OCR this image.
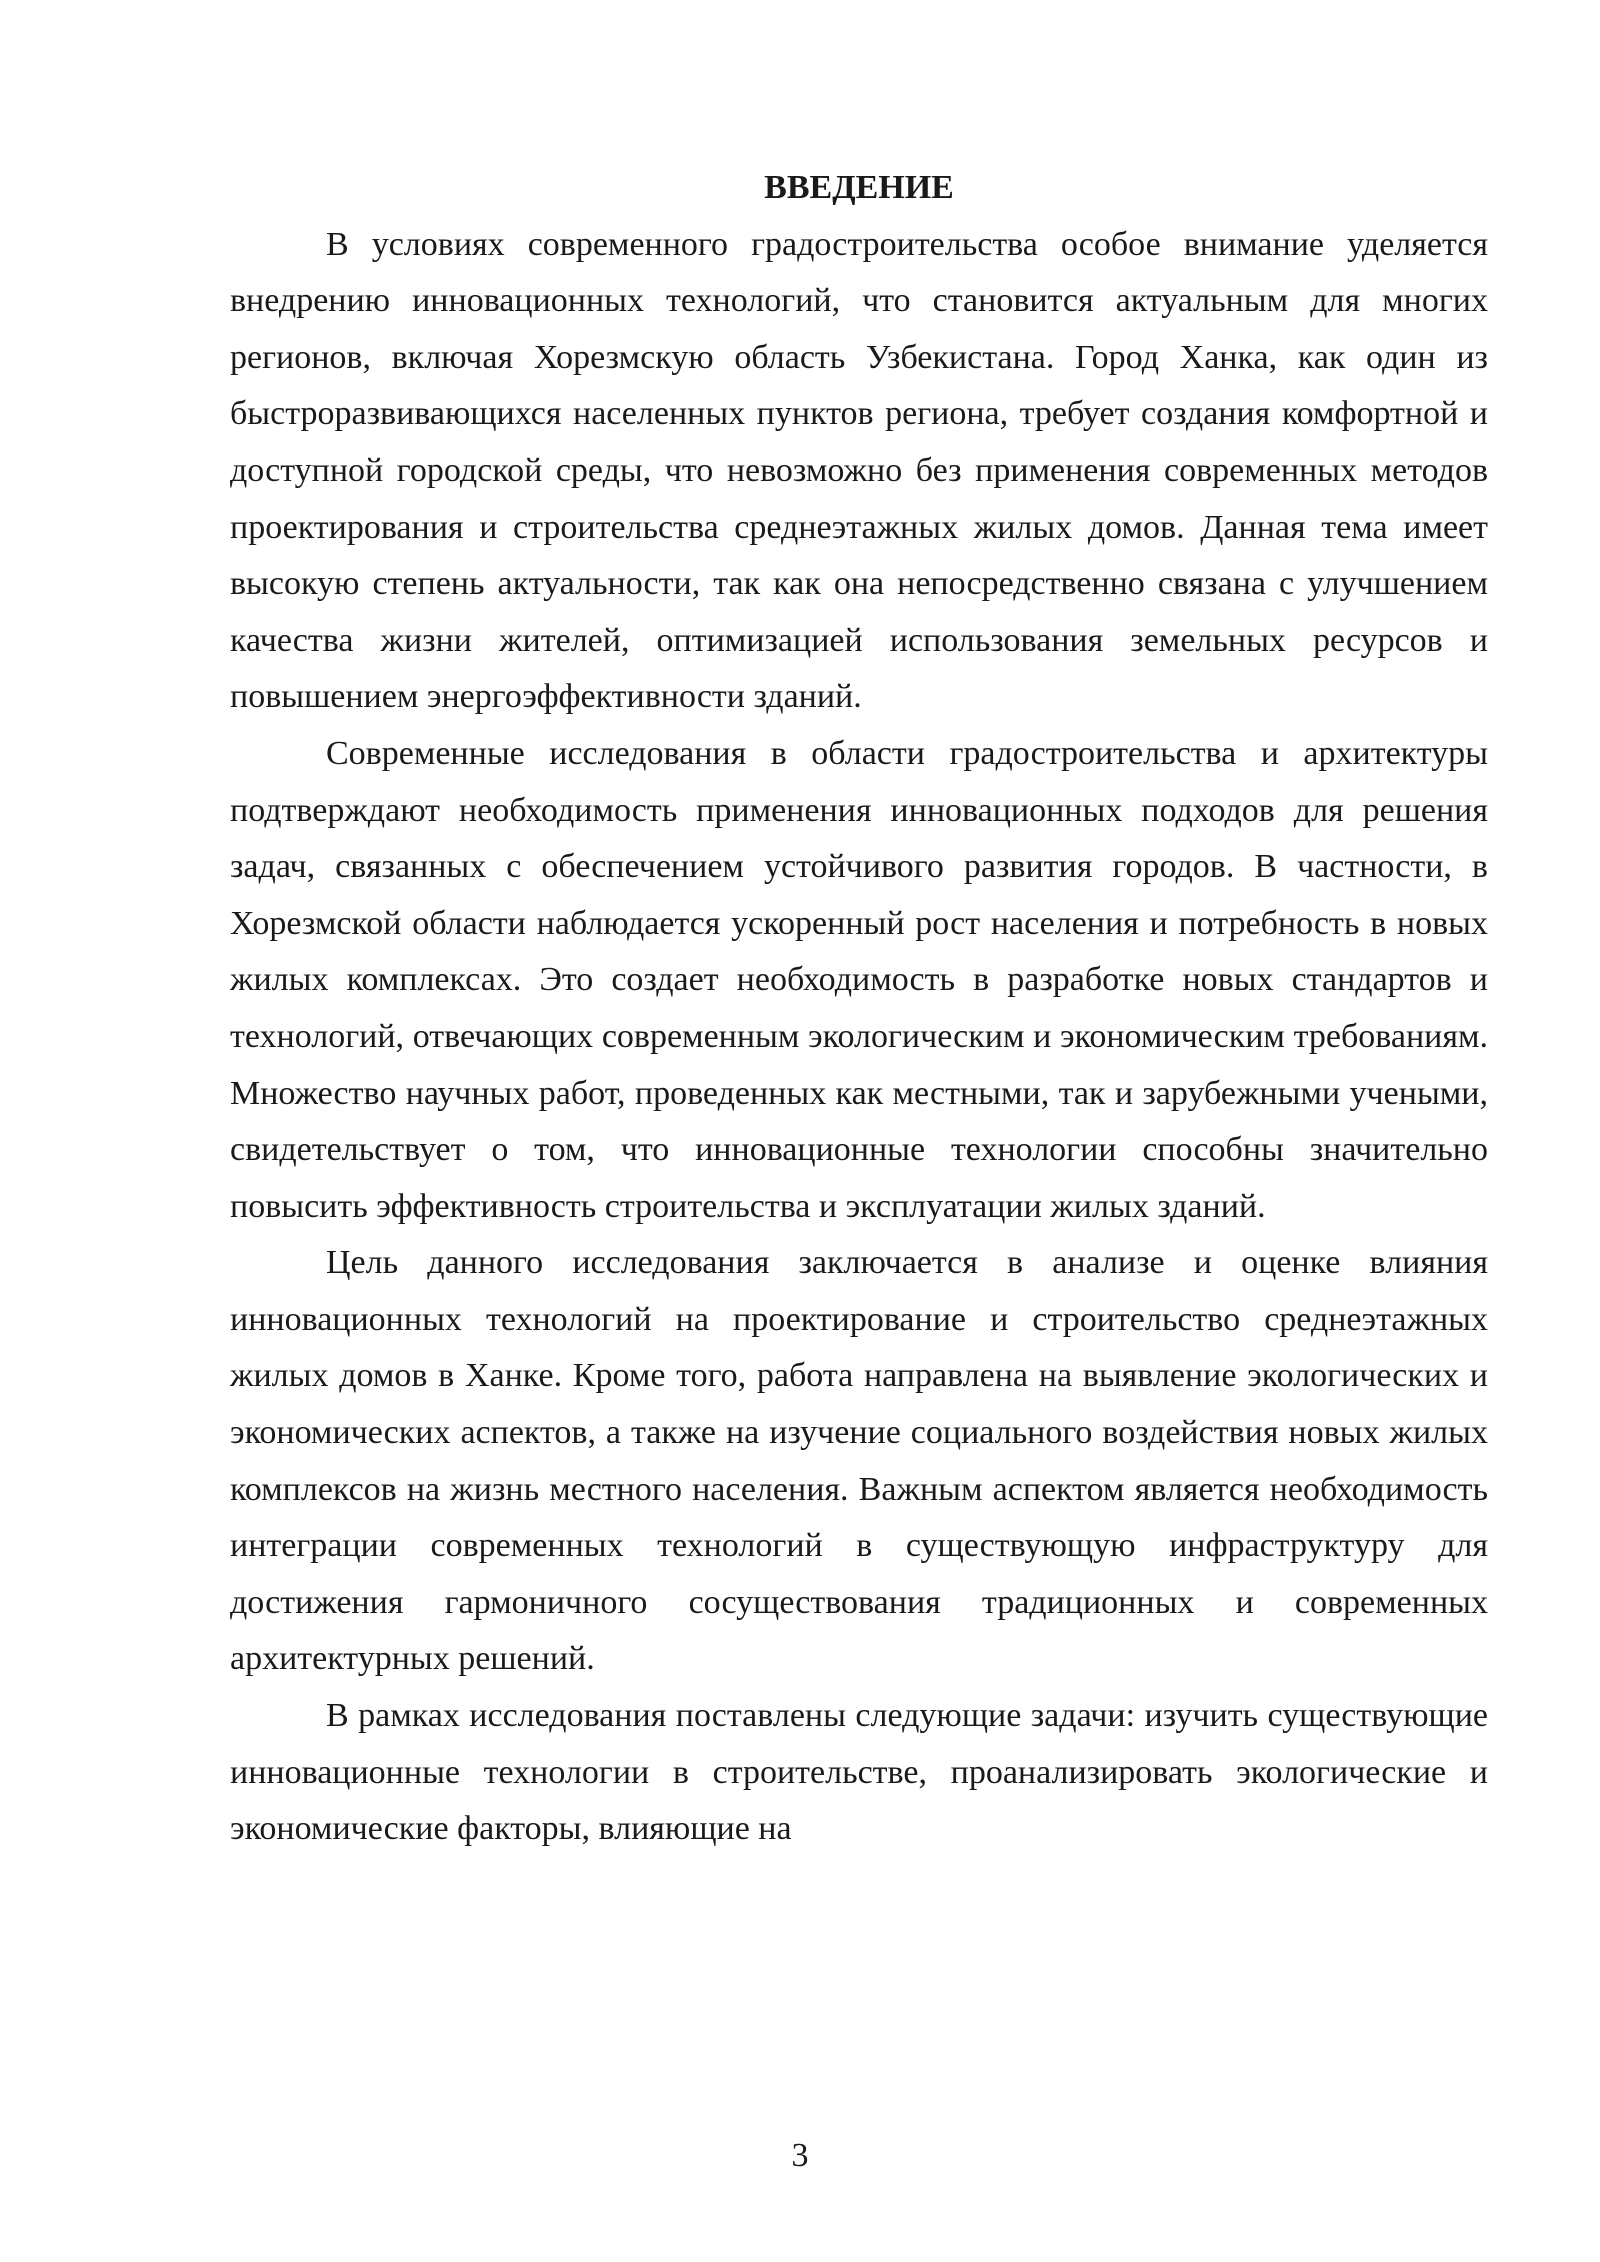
ВВЕДЕНИЕ

В условиях современного градостроительства особое внимание уделяется внедрению инновационных технологий, что становится актуальным для многих регионов, включая Хорезмскую область Узбекистана. Город Ханка, как один из быстроразвивающихся населенных пунктов региона, требует создания комфортной и доступной городской среды, что невозможно без применения современных методов проектирования и строительства среднеэтажных жилых домов. Данная тема имеет высокую степень актуальности, так как она непосредственно связана с улучшением качества жизни жителей, оптимизацией использования земельных ресурсов и повышением энергоэффективности зданий.

Современные исследования в области градостроительства и архитектуры подтверждают необходимость применения инновационных подходов для решения задач, связанных с обеспечением устойчивого развития городов. В частности, в Хорезмской области наблюдается ускоренный рост населения и потребность в новых жилых комплексах. Это создает необходимость в разработке новых стандартов и технологий, отвечающих современным экологическим и экономическим требованиям. Множество научных работ, проведенных как местными, так и зарубежными учеными, свидетельствует о том, что инновационные технологии способны значительно повысить эффективность строительства и эксплуатации жилых зданий.

Цель данного исследования заключается в анализе и оценке влияния инновационных технологий на проектирование и строительство среднеэтажных жилых домов в Ханке. Кроме того, работа направлена на выявление экологических и экономических аспектов, а также на изучение социального воздействия новых жилых комплексов на жизнь местного населения. Важным аспектом является необходимость интеграции современных технологий в существующую инфраструктуру для достижения гармоничного сосуществования традиционных и современных архитектурных решений.

В рамках исследования поставлены следующие задачи: изучить существующие инновационные технологии в строительстве, проанализировать экологические и экономические факторы, влияющие на

3
